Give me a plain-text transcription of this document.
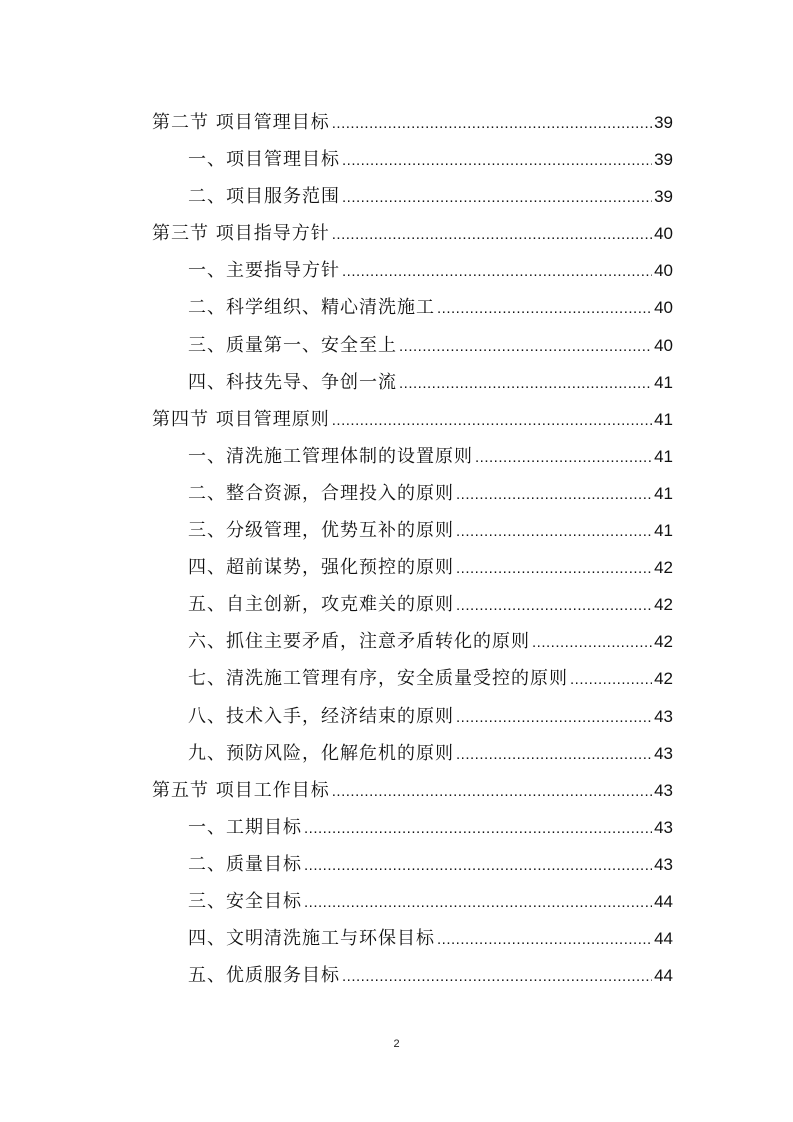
第二节 项目管理目标 .....	39
一、项目管理目标 .....	39
二、项目服务范围 .....	39
第三节 项目指导方针 .....	40
一、主要指导方针 .....	40
二、科学组织、精心清洗施工 .....	40
三、质量第一、安全至上 .....	40
四、科技先导、争创一流 .....	41
第四节 项目管理原则 .....	41
一、清洗施工管理体制的设置原则 .....	41
二、整合资源，合理投入的原则 .....	41
三、分级管理，优势互补的原则 .....	41
四、超前谋势，强化预控的原则 .....	42
五、自主创新，攻克难关的原则 .....	42
六、抓住主要矛盾，注意矛盾转化的原则 .....	42
七、清洗施工管理有序，安全质量受控的原则 .....	42
八、技术入手，经济结束的原则 .....	43
九、预防风险，化解危机的原则 .....	43
第五节 项目工作目标 .....	43
一、工期目标 .....	43
二、质量目标 .....	43
三、安全目标 .....	44
四、文明清洗施工与环保目标 .....	44
五、优质服务目标 .....	44
2
